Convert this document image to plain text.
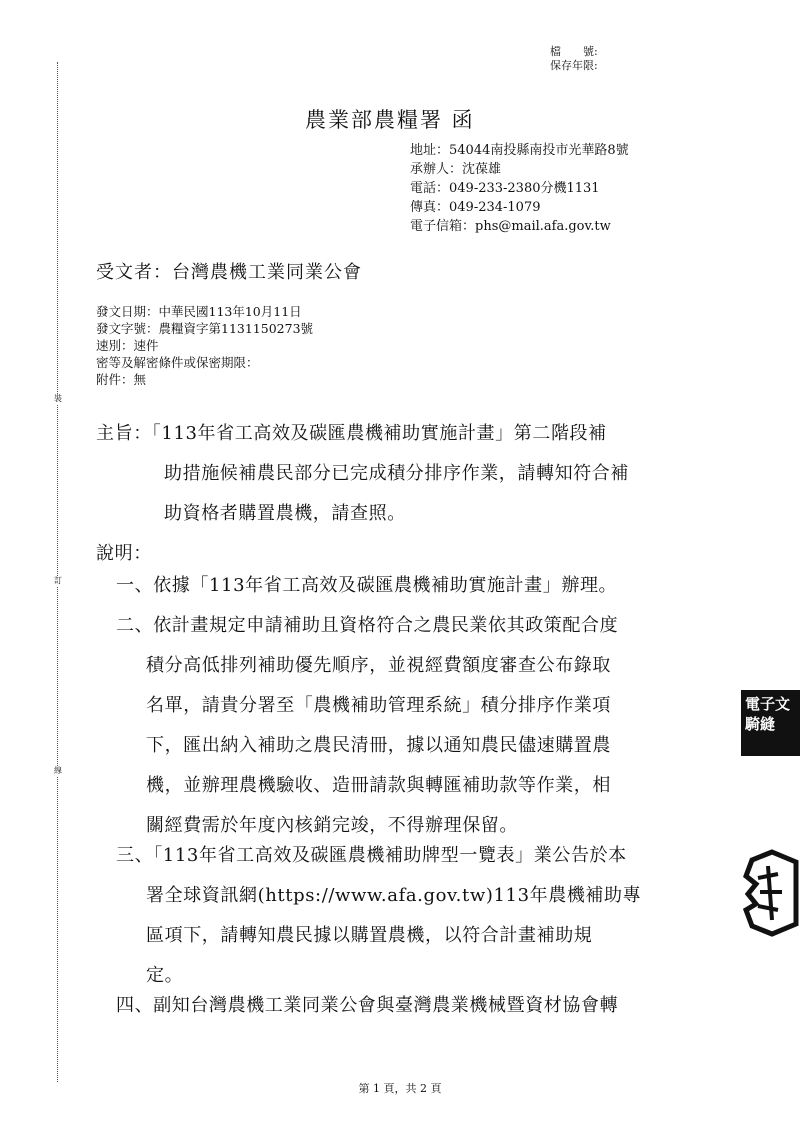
裝
訂
線
檔　　號:
保存年限:
農業部農糧署 函
地址：54044南投縣南投市光華路8號
承辦人：沈葆雄
電話：049-233-2380分機1131
傳真：049-234-1079
電子信箱：phs@mail.afa.gov.tw
受文者：台灣農機工業同業公會
發文日期：中華民國113年10月11日
發文字號：農糧資字第1131150273號
速別：速件
密等及解密條件或保密期限：
附件：無
主旨：「113年省工高效及碳匯農機補助實施計畫」第二階段補
助措施候補農民部分已完成積分排序作業，請轉知符合補
助資格者購置農機，請查照。
說明：
一、依據「113年省工高效及碳匯農機補助實施計畫」辦理。
二、依計畫規定申請補助且資格符合之農民業依其政策配合度
積分高低排列補助優先順序，並視經費額度審查公布錄取
名單，請貴分署至「農機補助管理系統」積分排序作業項
下，匯出納入補助之農民清冊，據以通知農民儘速購置農
機，並辦理農機驗收、造冊請款與轉匯補助款等作業，相
關經費需於年度內核銷完竣，不得辦理保留。
三、「113年省工高效及碳匯農機補助牌型一覽表」業公告於本
署全球資訊網(https://www.afa.gov.tw)113年農機補助專
區項下，請轉知農民據以購置農機，以符合計畫補助規
定。
四、副知台灣農機工業同業公會與臺灣農業機械暨資材協會轉
電子文騎縫
第 1 頁，共 2 頁
